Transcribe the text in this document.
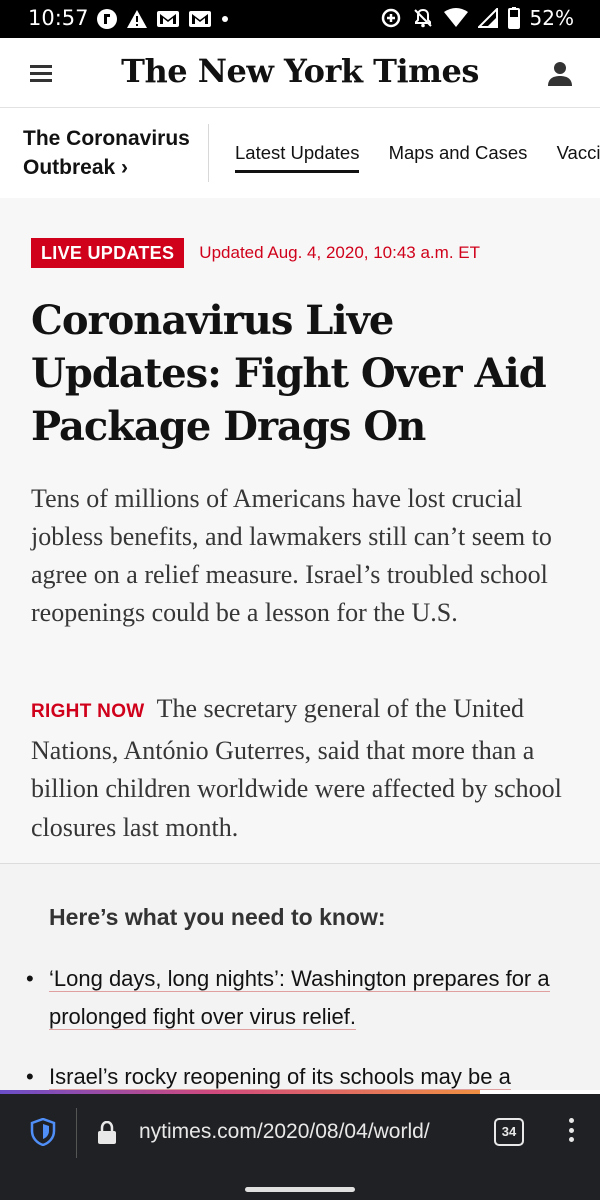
10:57	52%
The New York Times
The Coronavirus Outbreak ›
Latest Updates Maps and Cases Vacci
LIVE UPDATES	Updated Aug. 4, 2020, 10:43 a.m. ET
Coronavirus Live Updates: Fight Over Aid Package Drags On

Tens of millions of Americans have lost crucial jobless benefits, and lawmakers still can’t seem to agree on a relief measure. Israel’s troubled school reopenings could be a lesson for the U.S.

RIGHT NOW The secretary general of the United Nations, António Guterres, said that more than a billion children worldwide were affected by school closures last month.

Here’s what you need to know:
• ‘Long days, long nights’: Washington prepares for a prolonged fight over virus relief.
• Israel’s rocky reopening of its schools may be a
nytimes.com/2020/08/04/world/	34
